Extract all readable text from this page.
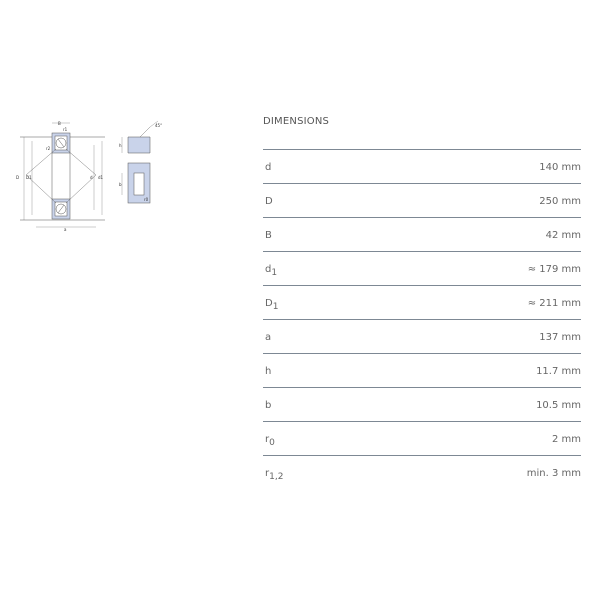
B
D D1	d d1
a
r1
r2
45°
h
b
r0
DIMENSIONS
d	140 mm
D	250 mm
B	42 mm
$d_1$	≈ 179 mm
$D_1$	≈ 211 mm
a	137 mm
h	11.7 mm
b	10.5 mm
$r_0$	2 mm
$r_{1,2}$	min. 3 mm
